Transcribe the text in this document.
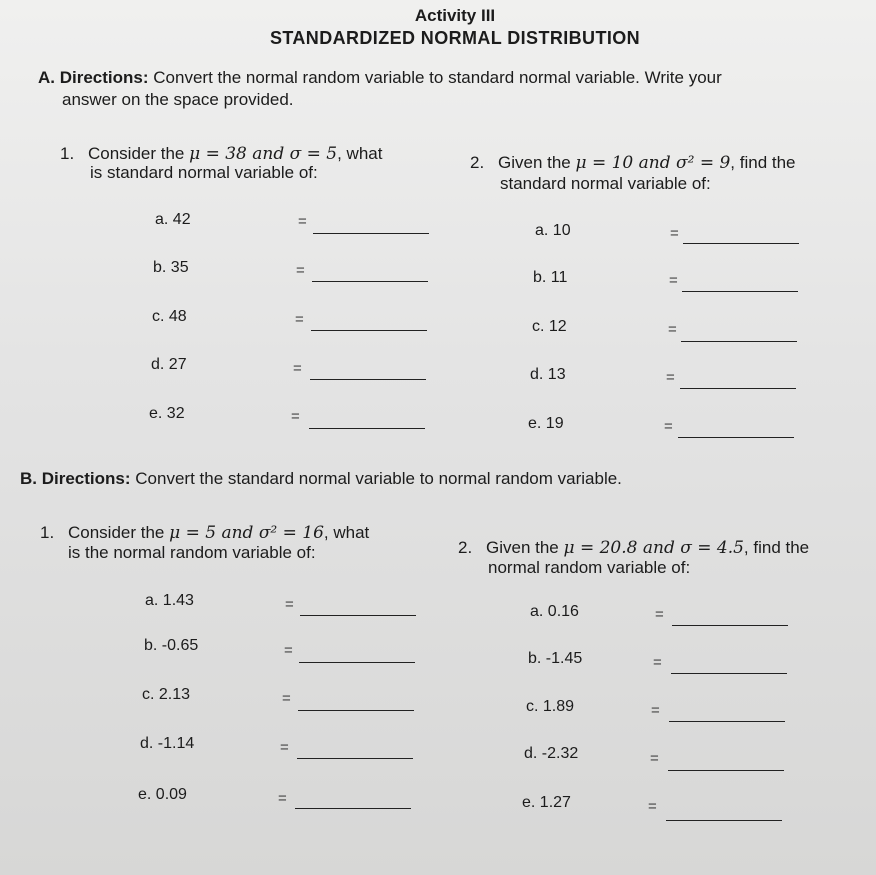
Activity III
STANDARDIZED NORMAL DISTRIBUTION
A. Directions: Convert the normal random variable to standard normal variable. Write your
answer on the space provided.
1. Consider the μ = 38 and σ = 5, what
is standard normal variable of:
2. Given the μ = 10 and σ² = 9, find the
standard normal variable of:
B. Directions: Convert the standard normal variable to normal random variable.
1. Consider the μ = 5 and σ² = 16, what
is the normal random variable of:	2. Given the μ = 20.8 and σ = 4.5, find the
normal random variable of:
a. 42	=
b. 35	=
c. 48	=
d. 27	=
e. 32	=
a. 10	=
b. 11	=
c. 12	=
d. 13	=
e. 19	=
a. 1.43	=
b. -0.65	=
c. 2.13	=
d. -1.14	=
e. 0.09	=
a. 0.16	=
b. -1.45	=
c. 1.89	=
d. -2.32	=
e. 1.27	=
